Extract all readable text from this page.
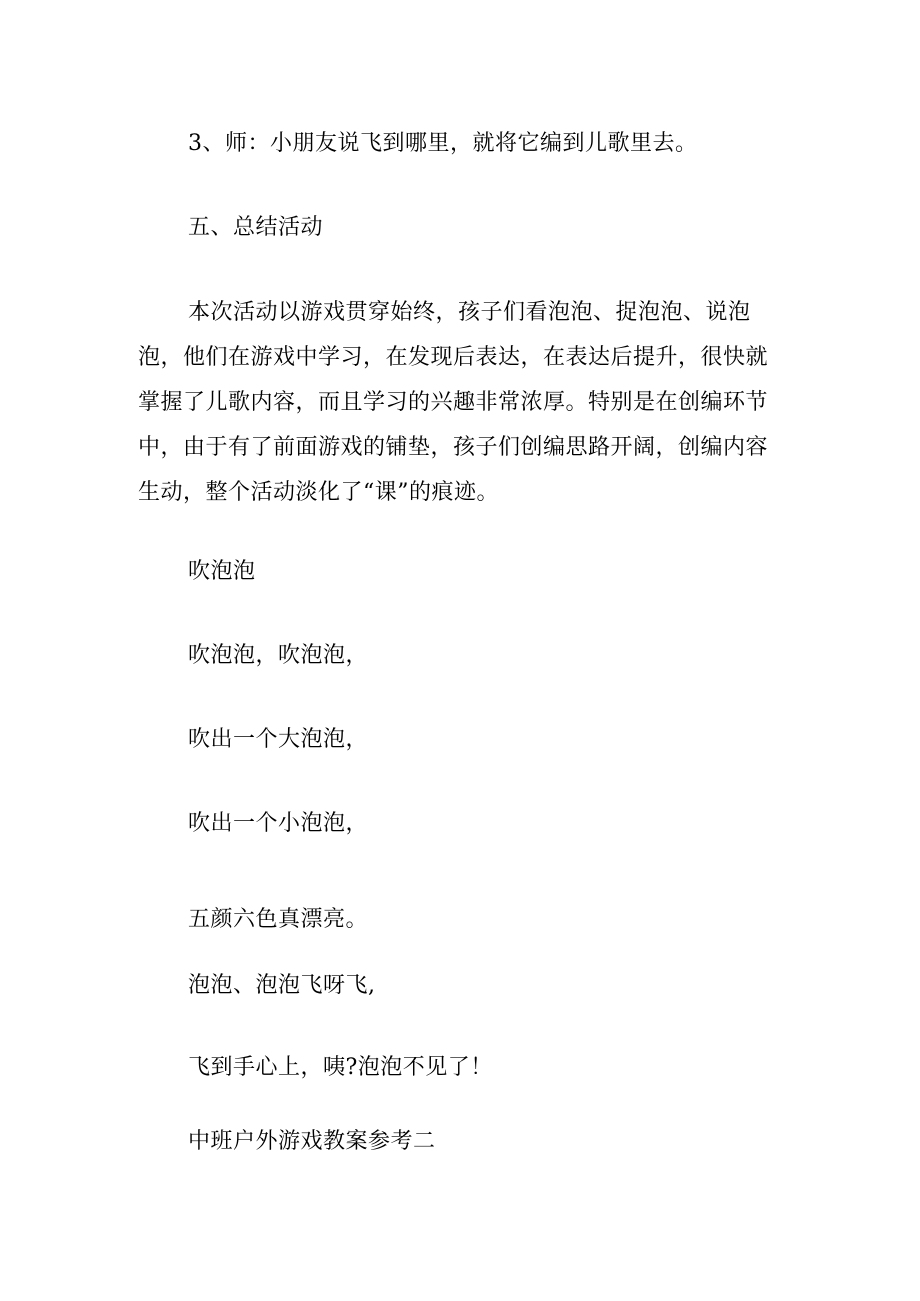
3、师：小朋友说飞到哪里，就将它编到儿歌里去。
五、总结活动
本次活动以游戏贯穿始终，孩子们看泡泡、捉泡泡、说泡泡，他们在游戏中学习，在发现后表达，在表达后提升，很快就掌握了儿歌内容，而且学习的兴趣非常浓厚。特别是在创编环节中，由于有了前面游戏的铺垫，孩子们创编思路开阔，创编内容生动，整个活动淡化了“课”的痕迹。
吹泡泡
吹泡泡，吹泡泡，
吹出一个大泡泡，
吹出一个小泡泡，
五颜六色真漂亮。
泡泡、泡泡飞呀飞,
飞到手心上，咦?泡泡不见了！
中班户外游戏教案参考二
